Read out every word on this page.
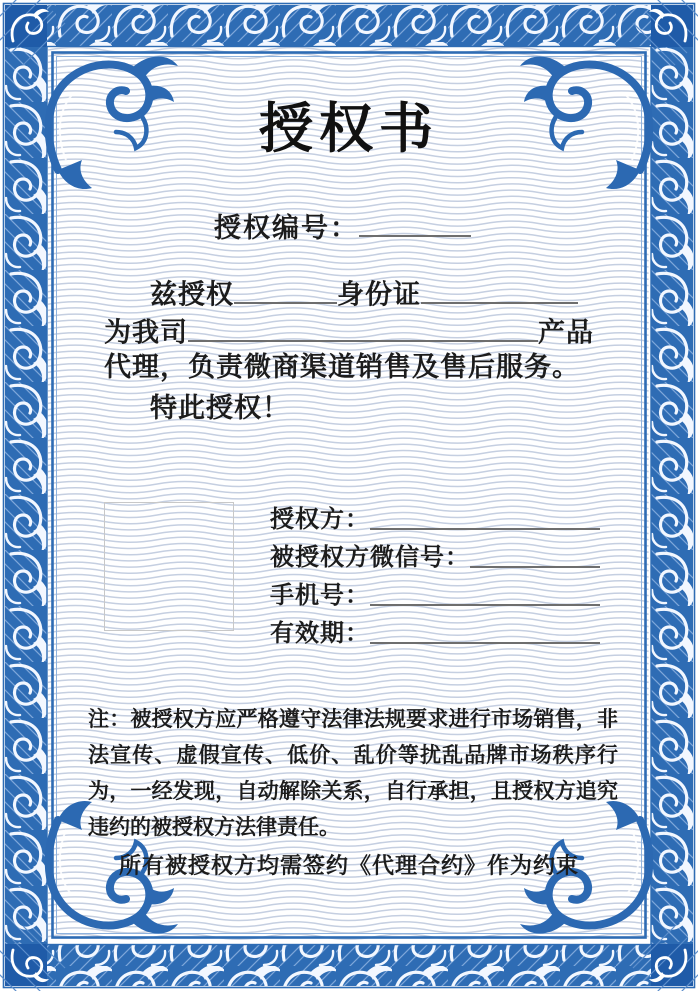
授权书
授权编号：
兹授权	身份证
为我司	产品
代理，负责微商渠道销售及售后服务。
特此授权！
授权方：
被授权方微信号：
手机号：
有效期：
注：被授权方应严格遵守法律法规要求进行市场销售，非法宣传、虚假宣传、低价、乱价等扰乱品牌市场秩序行为，一经发现，自动解除关系，自行承担，且授权方追究违约的被授权方法律责任。
所有被授权方均需签约《代理合约》作为约束
